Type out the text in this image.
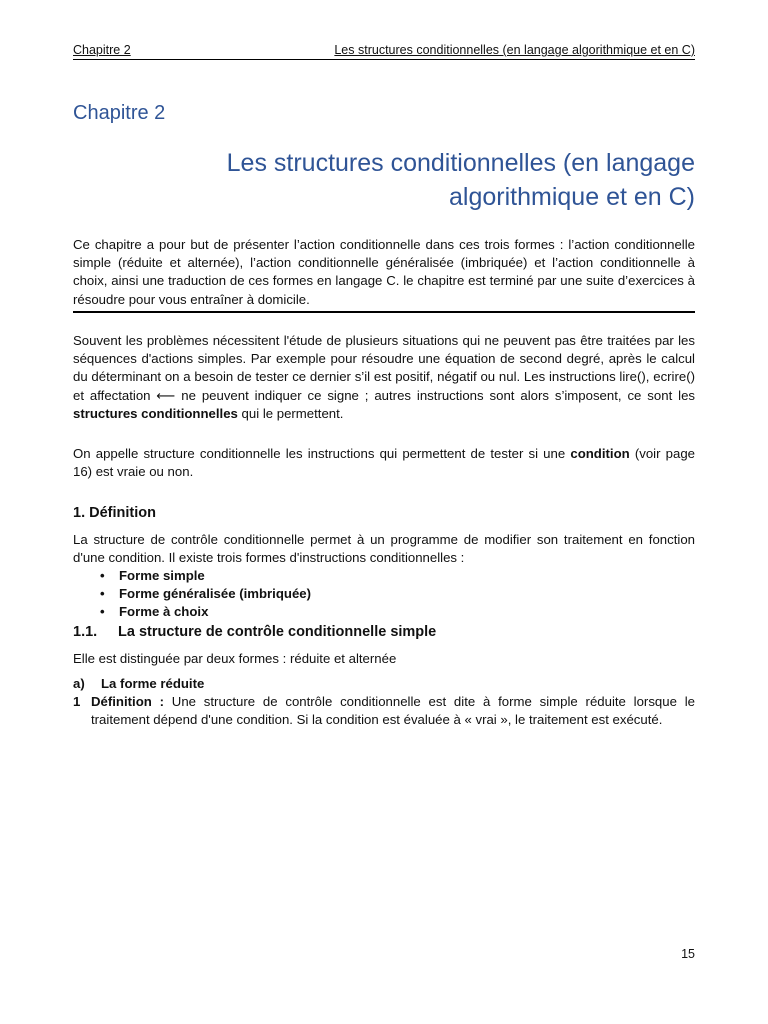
Chapitre 2	Les structures conditionnelles (en langage algorithmique et en C)
Chapitre 2
Les structures conditionnelles (en langage
algorithmique et en C)

Ce chapitre a pour but de présenter l’action conditionnelle dans ces trois formes : l’action conditionnelle simple (réduite et alternée), l’action conditionnelle généralisée (imbriquée) et l’action conditionnelle à choix, ainsi une traduction de ces formes en langage C. le chapitre est terminé par une suite d’exercices à résoudre pour vous entraîner à domicile.

Souvent les problèmes nécessitent l'étude de plusieurs situations qui ne peuvent pas être traitées par les séquences d'actions simples. Par exemple pour résoudre une équation de second degré, après le calcul du déterminant on a besoin de tester ce dernier s’il est positif, négatif ou nul. Les instructions lire(), ecrire() et affectation ⟵ ne peuvent indiquer ce signe ; autres instructions sont alors s’imposent, ce sont les structures conditionnelles qui le permettent.

On appelle structure conditionnelle les instructions qui permettent de tester si une condition (voir page 16) est vraie ou non.

1. Définition

La structure de contrôle conditionnelle permet à un programme de modifier son traitement en fonction d'une condition. Il existe trois formes d'instructions conditionnelles :

• Forme simple
• Forme généralisée (imbriquée)
• Forme à choix
1.1. La structure de contrôle conditionnelle simple

Elle est distinguée par deux formes : réduite et alternée

a) La forme réduite
1 Définition : Une structure de contrôle conditionnelle est dite à forme simple réduite lorsque le traitement dépend d'une condition. Si la condition est évaluée à « vrai », le traitement est exécuté.
15
